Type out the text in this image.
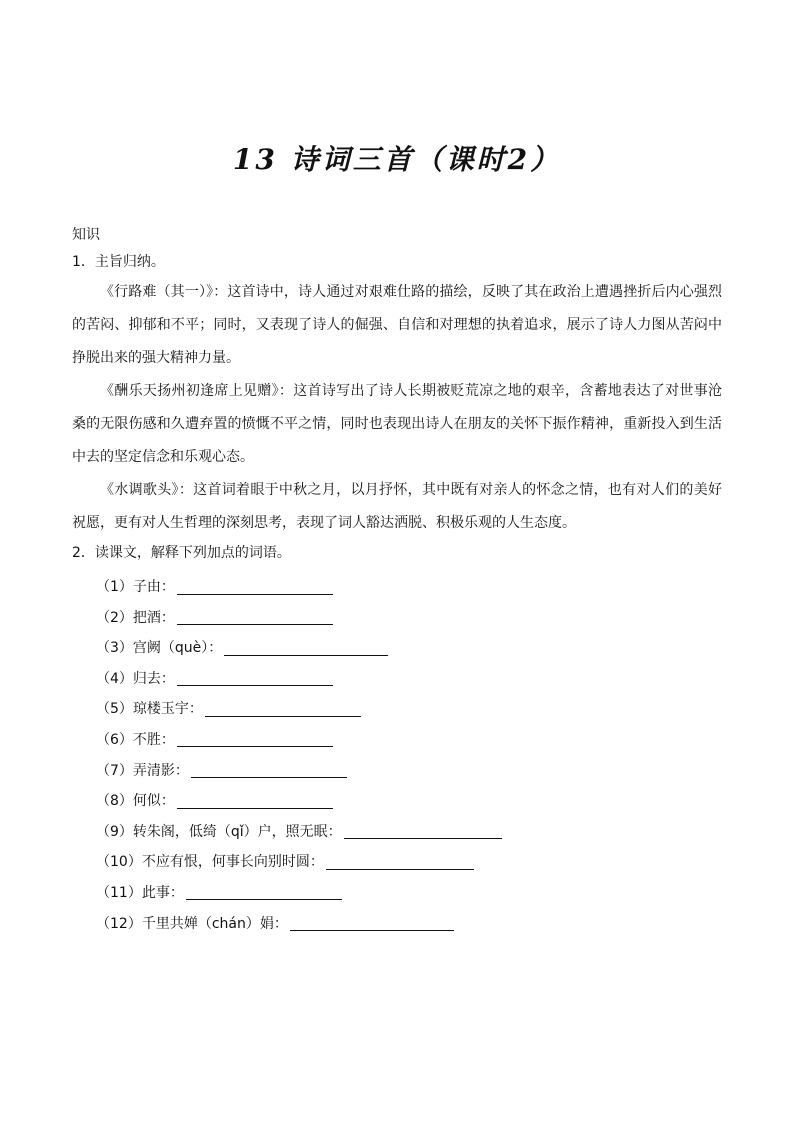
13 诗词三首（课时2）
知识
1．主旨归纳。

《行路难（其一）》：这首诗中，诗人通过对艰难仕路的描绘，反映了其在政治上遭遇挫折后内心强烈的苦闷、抑郁和不平；同时，又表现了诗人的倔强、自信和对理想的执着追求，展示了诗人力图从苦闷中挣脱出来的强大精神力量。

《酬乐天扬州初逢席上见赠》：这首诗写出了诗人长期被贬荒凉之地的艰辛，含蓄地表达了对世事沧桑的无限伤感和久遭弃置的愤慨不平之情，同时也表现出诗人在朋友的关怀下振作精神，重新投入到生活中去的坚定信念和乐观心态。

《水调歌头》：这首词着眼于中秋之月，以月抒怀，其中既有对亲人的怀念之情，也有对人们的美好祝愿，更有对人生哲理的深刻思考，表现了词人豁达洒脱、积极乐观的人生态度。

2．读课文，解释下列加点的词语。
（1）子由：
（2）把酒：
（3）宫阙（què）：
（4）归去：
（5）琼楼玉宇：
（6）不胜：
（7）弄清影：
（8）何似：
（9）转朱阁，低绮（qǐ）户，照无眠：
（10）不应有恨，何事长向别时圆：
（11）此事：
（12）千里共婵（chán）娟：
